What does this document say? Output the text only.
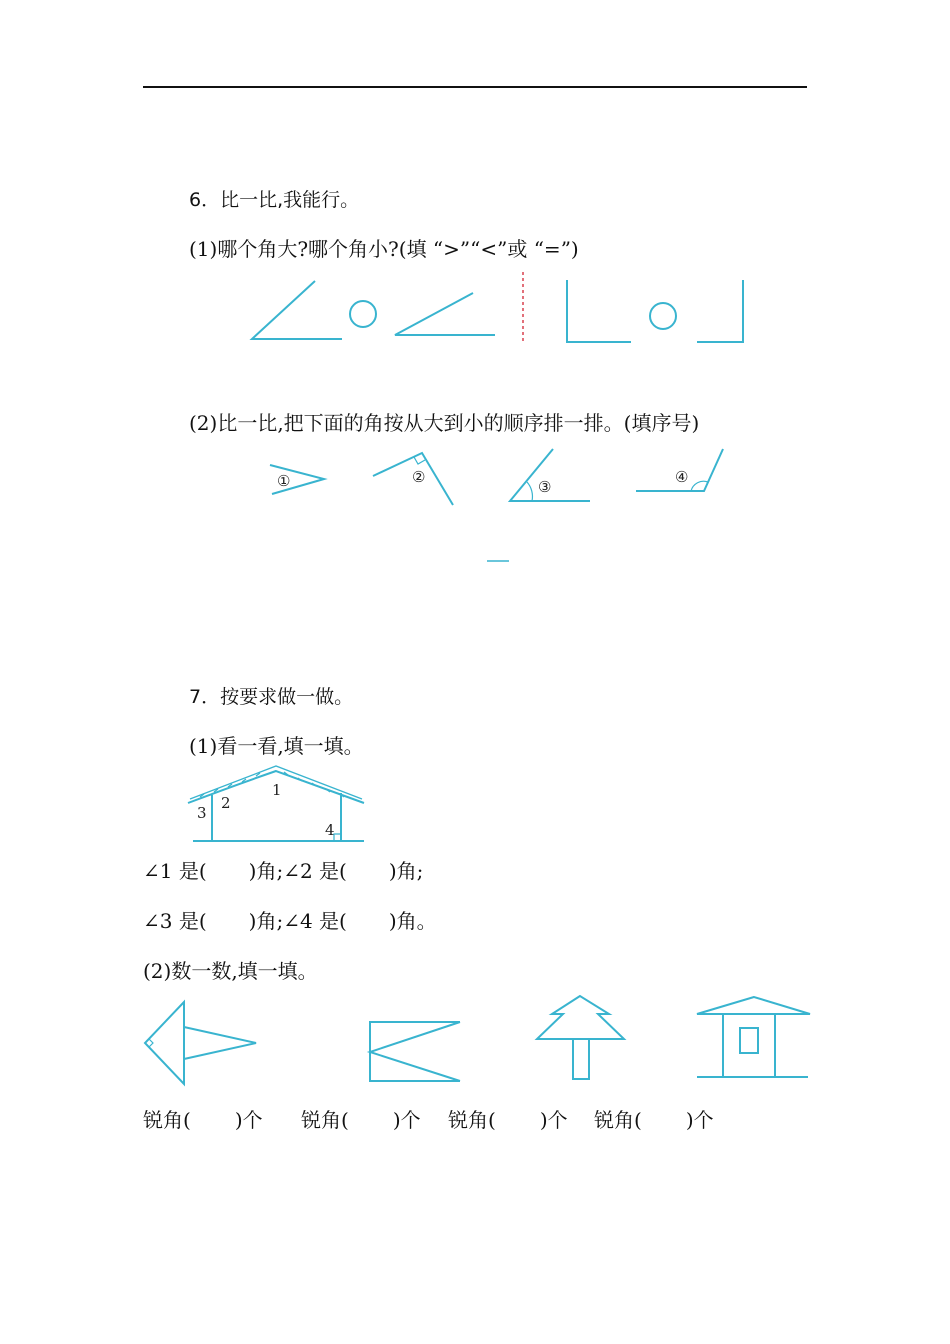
6．比一比,我能行。
(1)哪个角大?哪个角小?(填 “>”“<”或 “=”)
(2)比一比,把下面的角按从大到小的顺序排一排。(填序号)
①	②
③
④
7．按要求做一做。
(1)看一看,填一填。
1
2
3
4
∠1 是( )角;∠2 是( )角;
∠3 是( )角;∠4 是( )角。
(2)数一数,填一填。
锐角( )个 锐角( )个 锐角( )个 锐角( )个
